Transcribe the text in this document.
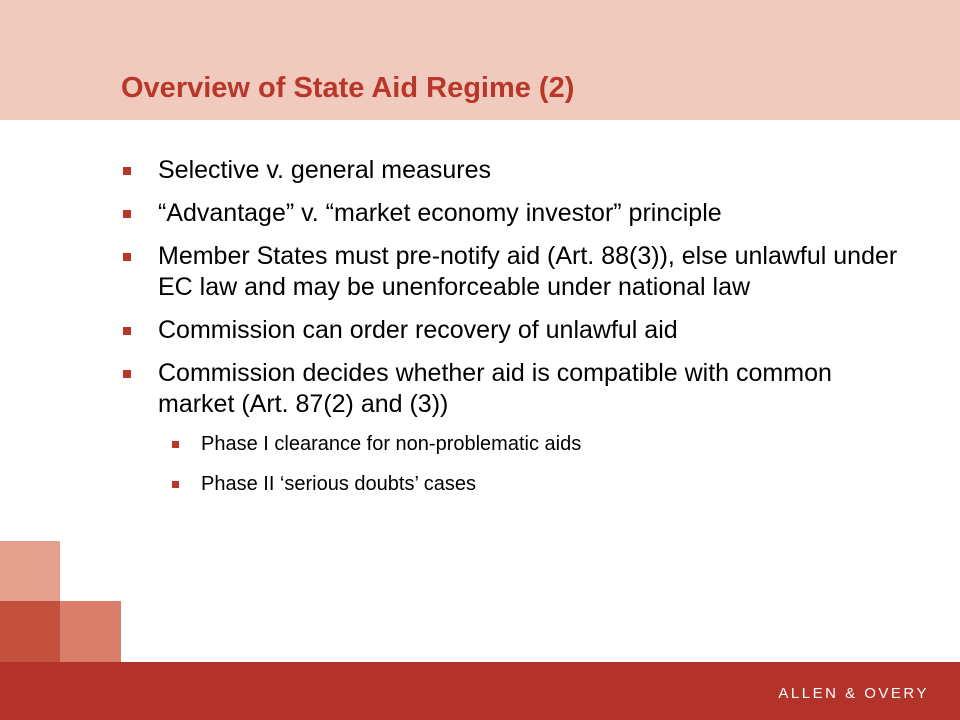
Overview of State Aid Regime (2)
Selective v. general measures
“Advantage” v. “market economy investor” principle
Member States must pre-notify aid (Art. 88(3)), else unlawful under EC law and may be unenforceable under national law
Commission can order recovery of unlawful aid
Commission decides whether aid is compatible with common market (Art. 87(2) and (3))
Phase I clearance for non-problematic aids
Phase II ‘serious doubts’ cases
ALLEN & OVERY
